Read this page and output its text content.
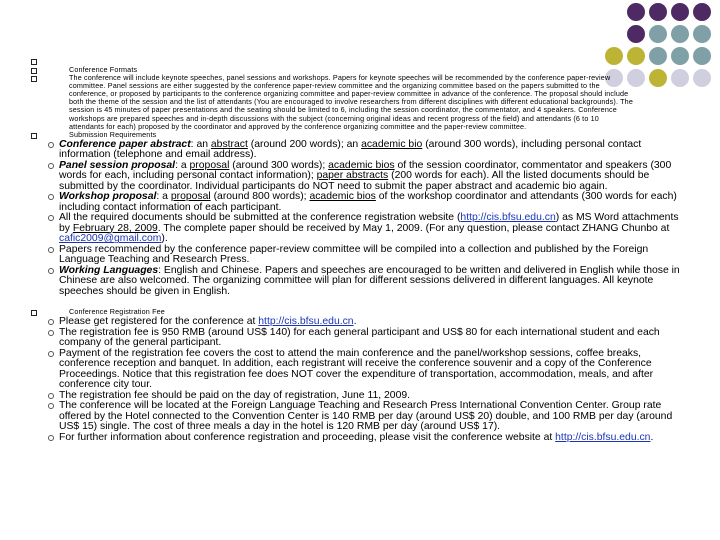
Conference Formats
The conference will include keynote speeches, panel sessions and workshops. Papers for keynote speeches will be recommended by the conference paper-review
committee. Panel sessions are either suggested by the conference paper-review committee and the organizing committee based on the papers submitted to the
conference, or proposed by participants to the conference organizing committee and paper-review committee in advance of the conference. The proposal should include
both the theme of the session and the list of attendants (You are encouraged to involve researchers from different disciplines with different educational backgrounds). The
session is 45 minutes of paper presentations and the seating should be limited to 6, including the session coordinator, the commentator, and 4 speakers. Conference
workshops are prepared speeches and in-depth discussions with the subject (concerning original ideas and recent progress of the field) and attendants (6 to 10
attendants for each) proposed by the coordinator and approved by the conference organizing committee and the paper-review committee.
Submission Requirements
Conference paper abstract: an abstract (around 200 words); an academic bio (around 300 words), including personal contact information (telephone and email address).
Panel session proposal: a proposal (around 300 words); academic bios of the session coordinator, commentator and speakers (300 words for each, including personal contact information); paper abstracts (200 words for each). All the listed documents should be submitted by the coordinator. Individual participants do NOT need to submit the paper abstract and academic bio again.
Workshop proposal: a proposal (around 800 words); academic bios of the workshop coordinator and attendants (300 words for each) including contact information of each participant.
All the required documents should be submitted at the conference registration website (http://cis.bfsu.edu.cn) as MS Word attachments by February 28, 2009. The complete paper should be received by May 1, 2009. (For any question, please contact ZHANG Chunbo at cafic2009@gmail.com).
Papers recommended by the conference paper-review committee will be compiled into a collection and published by the Foreign Language Teaching and Research Press.
Working Languages: English and Chinese. Papers and speeches are encouraged to be written and delivered in English while those in Chinese are also welcomed. The organizing committee will plan for different sessions delivered in different languages. All keynote speeches should be given in English.
Conference Registration Fee
Please get registered for the conference at http://cis.bfsu.edu.cn.
The registration fee is 950 RMB (around US$ 140) for each general participant and US$ 80 for each international student and each company of the general participant.
Payment of the registration fee covers the cost to attend the main conference and the panel/workshop sessions, coffee breaks, conference reception and banquet. In addition, each registrant will receive the conference souvenir and a copy of the Conference Proceedings. Notice that this registration fee does NOT cover the expenditure of transportation, accommodation, meals, and after conference city tour.
The registration fee should be paid on the day of registration, June 11, 2009.
The conference will be located at the Foreign Language Teaching and Research Press International Convention Center. Group rate offered by the Hotel connected to the Convention Center is 140 RMB per day (around US$ 20) double, and 100 RMB per day (around US$ 15) single. The cost of three meals a day in the hotel is 120 RMB per day (around US$ 17).
For further information about conference registration and proceeding, please visit the conference website at http://cis.bfsu.edu.cn.
